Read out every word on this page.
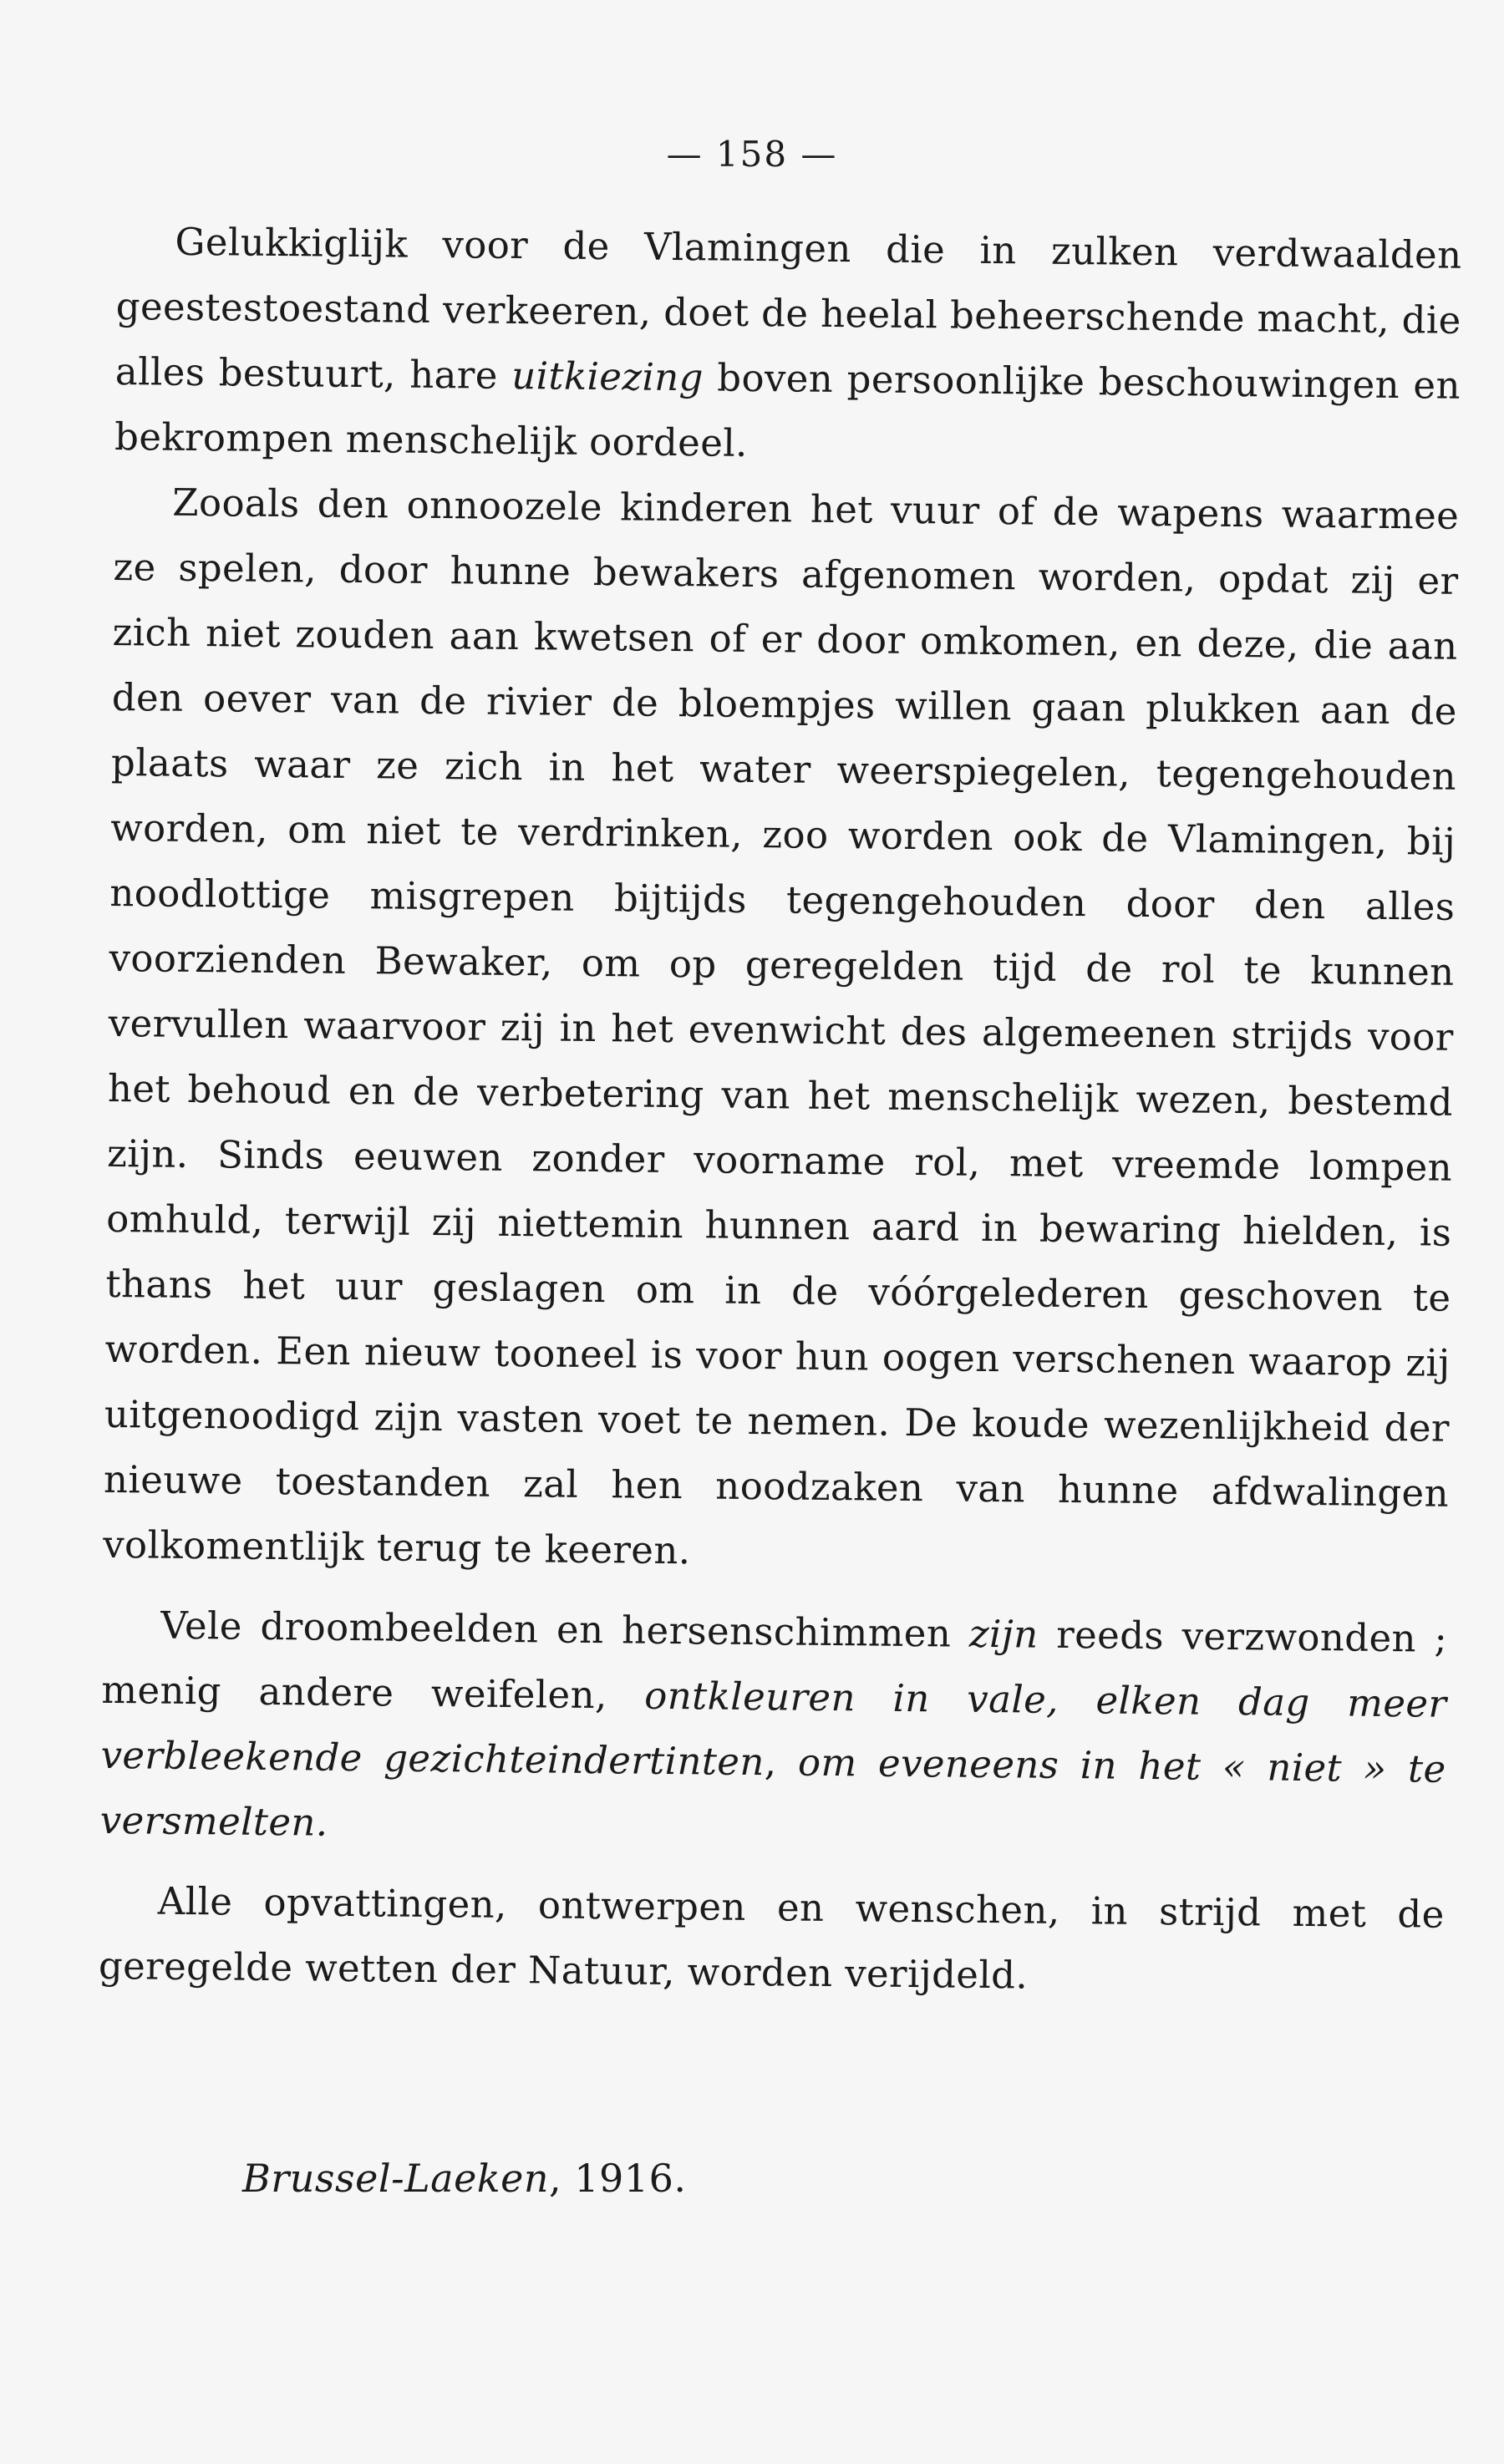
— 158 —

Gelukkiglijk voor de Vlamingen die in zulken verdwaalden geestestoestand verkeeren, doet de heelal beheerschende macht, die alles bestuurt, hare uitkiezing boven persoonlijke beschouwingen en bekrompen menschelijk oordeel.

Zooals den onnoozele kinderen het vuur of de wapens waarmee ze spelen, door hunne bewakers afgenomen worden, opdat zij er zich niet zouden aan kwetsen of er door omkomen, en deze, die aan den oever van de rivier de bloempjes willen gaan plukken aan de plaats waar ze zich in het water weerspiegelen, tegengehouden worden, om niet te verdrinken, zoo worden ook de Vlamingen, bij noodlottige misgrepen bijtijds tegengehouden door den alles voorzienden Bewaker, om op geregelden tijd de rol te kunnen vervullen waarvoor zij in het evenwicht des algemeenen strijds voor het behoud en de verbetering van het menschelijk wezen, bestemd zijn. Sinds eeuwen zonder voorname rol, met vreemde lompen omhuld, terwijl zij niettemin hunnen aard in bewaring hielden, is thans het uur geslagen om in de vóórgelederen geschoven te worden. Een nieuw tooneel is voor hun oogen verschenen waarop zij uitgenoodigd zijn vasten voet te nemen. De koude wezenlijkheid der nieuwe toestanden zal hen noodzaken van hunne afdwalingen volkomentlijk terug te keeren.

Vele droombeelden en hersenschimmen zijn reeds verzwonden ; menig andere weifelen, ontkleuren in vale, elken dag meer verbleekende gezichteindertinten, om eveneens in het « niet » te versmelten.

Alle opvattingen, ontwerpen en wenschen, in strijd met de geregelde wetten der Natuur, worden verijdeld.

Brussel-Laeken, 1916.
